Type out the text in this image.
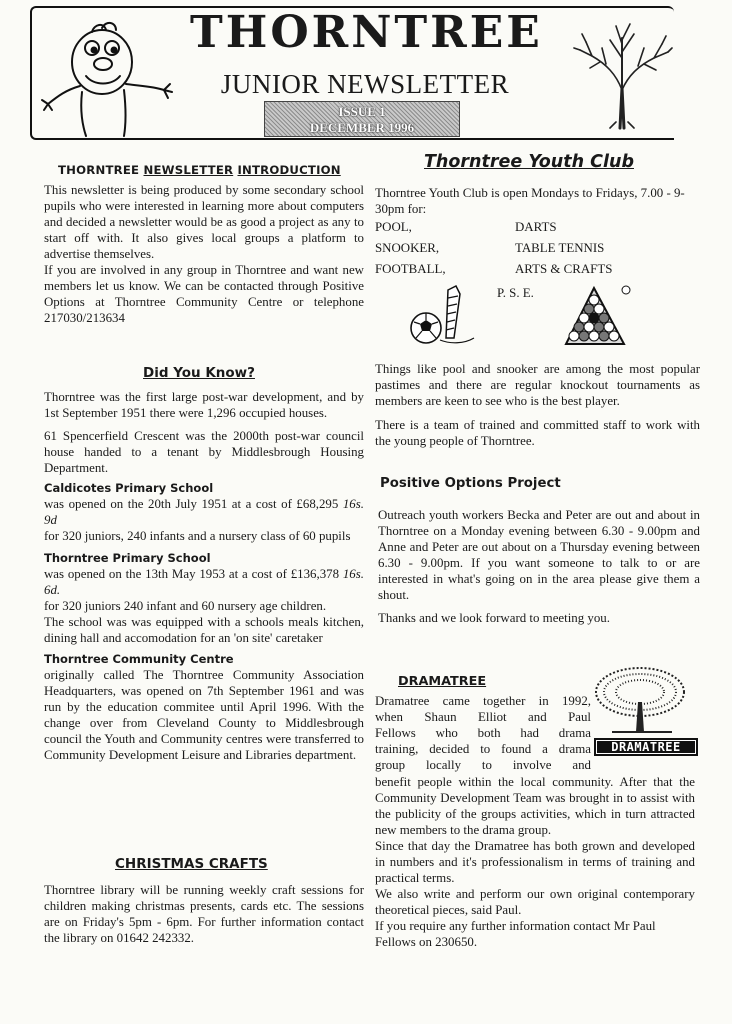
THORNTREE
JUNIOR NEWSLETTER
ISSUE 1
DECEMBER 1996
THORNTREE NEWSLETTER INTRODUCTION

This newsletter is being produced by some secondary school pupils who were interested in learning more about computers and decided a newsletter would be as good a project as any to start off with. It also gives local groups a platform to advertise themselves.

If you are involved in any group in Thorntree and want new members let us know. We can be contacted through Positive Options at Thorntree Community Centre or telephone 217030/213634

Did You Know?

Thorntree was the first large post-war development, and by 1st September 1951 there were 1,296 occupied houses.

61 Spencerfield Crescent was the 2000th post-war council house handed to a tenant by Middlesbrough Housing Department.

Caldicotes Primary School

was opened on the 20th July 1951 at a cost of £68,295 16s. 9d

for 320 juniors, 240 infants and a nursery class of 60 pupils

Thorntree Primary School

was opened on the 13th May 1953 at a cost of £136,378 16s. 6d.

for 320 juniors 240 infant and 60 nursery age children.

The school was was equipped with a schools meals kitchen, dining hall and accomodation for an 'on site' caretaker

Thorntree Community Centre

originally called The Thorntree Community Association Headquarters, was opened on 7th September 1961 and was run by the education commitee until April 1996. With the change over from Cleveland County to Middlesbrough council the Youth and Community centres were transferred to Community Development Leisure and Libraries department.

CHRISTMAS CRAFTS

Thorntree library will be running weekly craft sessions for children making christmas presents, cards etc. The sessions are on Friday's 5pm - 6pm. For further information contact the library on 01642 242332.

Thorntree Youth Club

Thorntree Youth Club is open Mondays to Fridays, 7.00 - 9-30pm for:

POOL,
SNOOKER,
FOOTBALL,
DARTS
TABLE TENNIS
ARTS & CRAFTS
P. S. E.

Things like pool and snooker are among the most popular pastimes and there are regular knockout tournaments as members are keen to see who is the best player.

There is a team of trained and committed staff to work with the young people of Thorntree.

Positive Options Project

Outreach youth workers Becka and Peter are out and about in Thorntree on a Monday evening between 6.30 - 9.00pm and Anne and Peter are out about on a Thursday evening between 6.30 - 9.00pm. If you want someone to talk to or are interested in what's going on in the area please give them a shout.

Thanks and we look forward to meeting you.

DRAMATREE
DRAMATREE
Dramatree came together in 1992,
when Shaun Elliot and Paul
Fellows who both had drama
training, decided to found a drama
group locally to involve and

benefit people within the local community. After that the Community Development Team was brought in to assist with the publicity of the groups activities, which in turn attracted new members to the drama group.

Since that day the Dramatree has both grown and developed in numbers and it's professionalism in terms of training and practical terms.

We also write and perform our own original contemporary theoretical pieces, said Paul.

If you require any further information contact Mr Paul Fellows on 230650.
